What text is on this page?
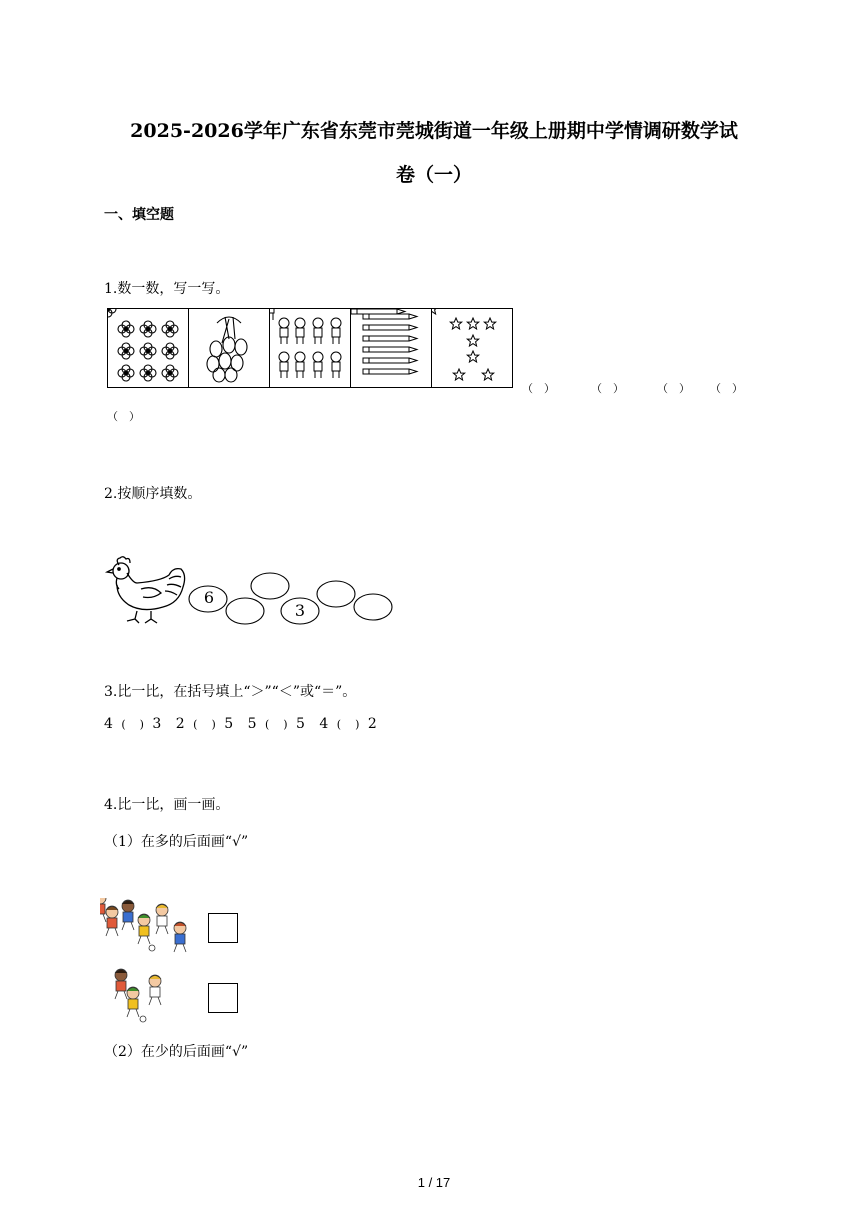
2025-2026学年广东省东莞市莞城街道一年级上册期中学情调研数学试
卷（一）
一、填空题
1.数一数，写一写。
（　）	（　）	（　） （　）
（　）
2.按顺序填数。
6
3
3.比一比，在括号填上“＞”“＜”或“＝”。
4 ( ) 3 2 ( ) 5 5 ( ) 5 4 ( ) 2
4.比一比，画一画。
（1）在多的后面画“√”
（2）在少的后面画“√”
1 / 17
